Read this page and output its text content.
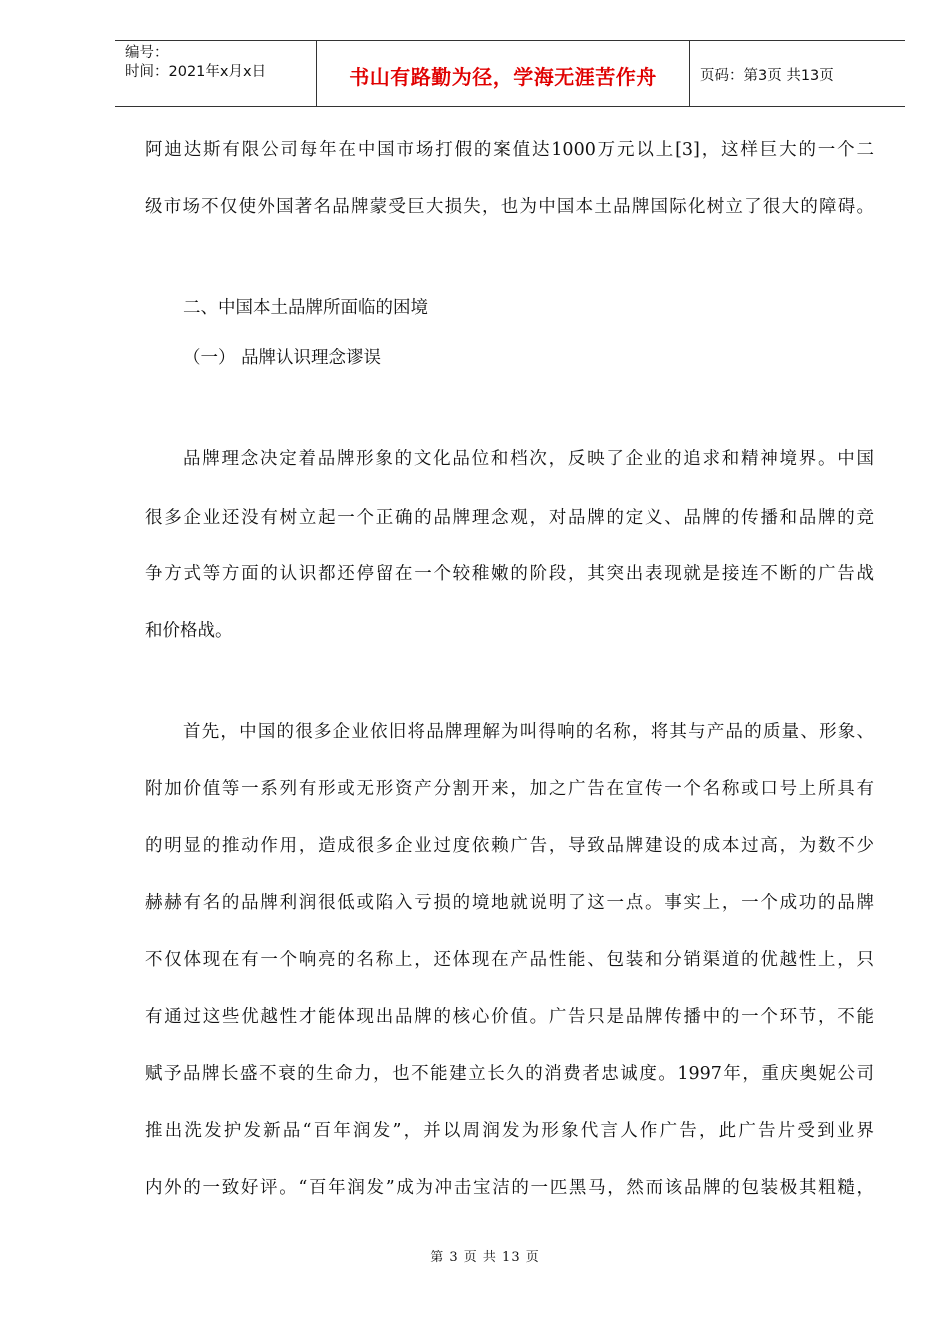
编号：
时间：2021年x月x日	书山有路勤为径，学海无涯苦作舟	页码：第3页 共13页
阿迪达斯有限公司每年在中国市场打假的案值达1000万元以上[3]，这样巨大的一个二
级市场不仅使外国著名品牌蒙受巨大损失，也为中国本土品牌国际化树立了很大的障碍。
二、中国本土品牌所面临的困境
（一） 品牌认识理念谬误
品牌理念决定着品牌形象的文化品位和档次，反映了企业的追求和精神境界。中国
很多企业还没有树立起一个正确的品牌理念观，对品牌的定义、品牌的传播和品牌的竞
争方式等方面的认识都还停留在一个较稚嫩的阶段，其突出表现就是接连不断的广告战
和价格战。
首先，中国的很多企业依旧将品牌理解为叫得响的名称，将其与产品的质量、形象、
附加价值等一系列有形或无形资产分割开来，加之广告在宣传一个名称或口号上所具有
的明显的推动作用，造成很多企业过度依赖广告，导致品牌建设的成本过高，为数不少
赫赫有名的品牌利润很低或陷入亏损的境地就说明了这一点。事实上，一个成功的品牌
不仅体现在有一个响亮的名称上，还体现在产品性能、包装和分销渠道的优越性上，只
有通过这些优越性才能体现出品牌的核心价值。广告只是品牌传播中的一个环节，不能
赋予品牌长盛不衰的生命力，也不能建立长久的消费者忠诚度。1997年，重庆奥妮公司
推出洗发护发新品“百年润发”，并以周润发为形象代言人作广告，此广告片受到业界
内外的一致好评。“百年润发”成为冲击宝洁的一匹黑马，然而该品牌的包装极其粗糙，
第 3 页 共 13 页
